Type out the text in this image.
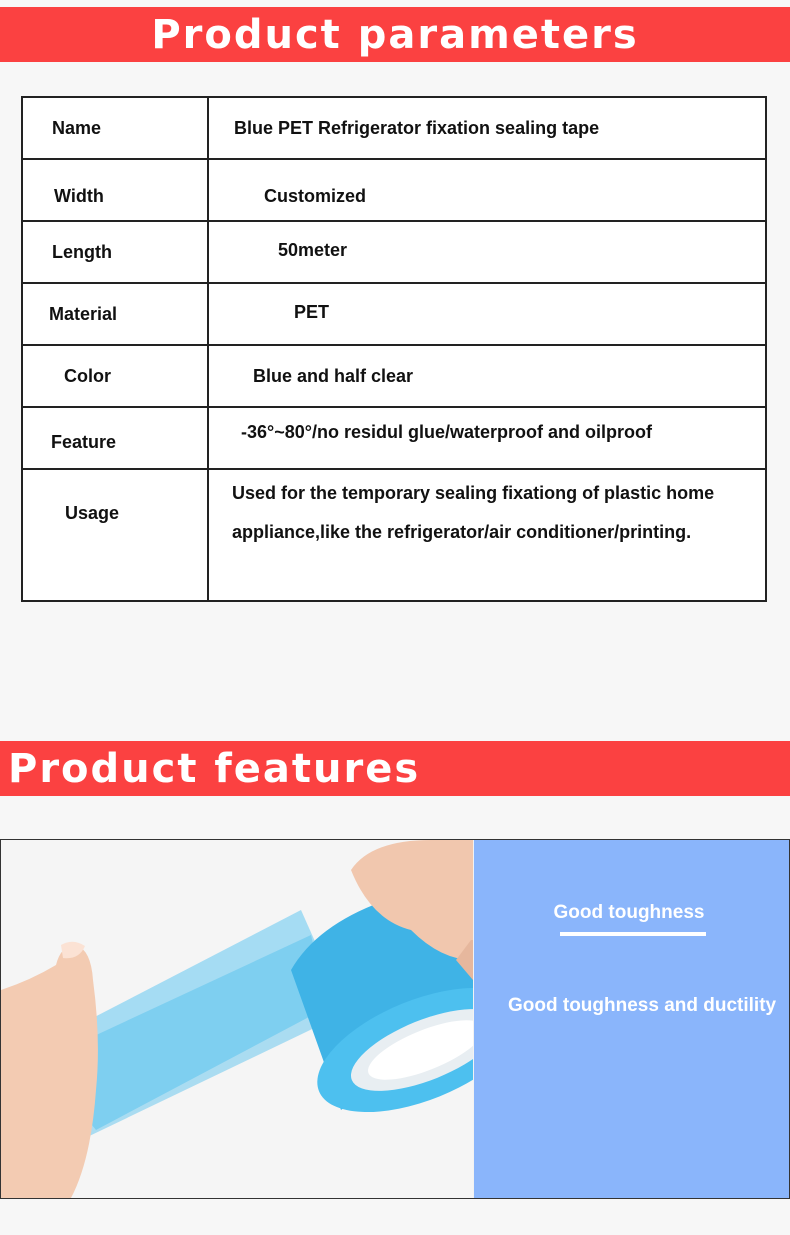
Product parameters
Name	Blue PET Refrigerator fixation sealing tape

Width	Customized

Length	50meter

Material	PET

Color	Blue and half clear

Feature	-36°~80°/no residul glue/waterproof and oilproof

Usage	Used for the temporary sealing fixationg of plastic home
appliance,like the refrigerator/air conditioner/printing.
Product features
Good toughness
Good toughness and ductility
